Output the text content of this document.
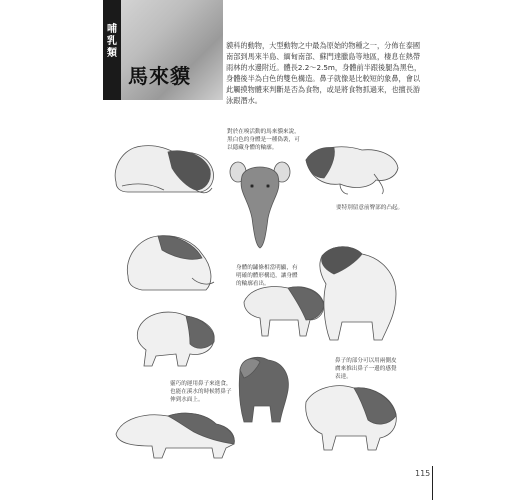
哺乳類
馬來貘
貘科的動物，大型動物之中最為原始的物種之一，分佈在泰國南部到馬來半島、緬甸南部、蘇門達臘島等地區，棲息在熱帶雨林的水邊附近。體長2.2～2.5m，身體前半跟後腿為黑色，身體後半為白色的雙色構造。鼻子就像是比較短的象鼻，會以此觸摸物體來判斷是否為食物，或是將食物抓過來，也擅長游泳跟潛水。
對於在嗅活動的馬來貘來說，黑白色的身體是一種偽裝，可以隱藏身體的輪廓。
要特別留意前臀部的凸起。
身體的鏽條相當明顯，有明確的體形構造，讓身體的輪廓看出。
鼻子的部分可以用兩側皮膚來推出鼻子一邊的感覺表達。
靈巧的運用鼻子來進食，也能在溪水的時候將鼻子伸到水面上。
115
